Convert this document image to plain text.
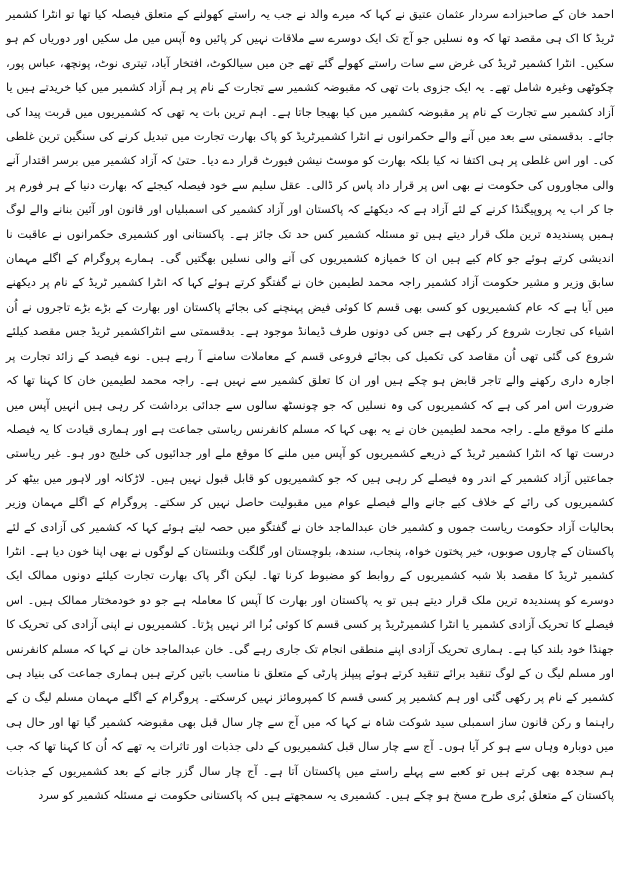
احمد خان کے صاحبزادے سردار عثمان عتیق نے کہا کہ میرے والد نے جب یہ راستے کھولنے کے متعلق فیصلہ کیا تھا تو انٹرا کشمیر ٹریڈ کا اک ہی مقصد تھا کہ وہ نسلیں جو آج تک ایک دوسرے سے ملاقات نہیں کر پائیں وہ آپس میں مل سکیں اور دوریاں کم ہو سکیں۔ انٹرا کشمیر ٹریڈ کی غرض سے سات راستے کھولے گئے تھے جن میں سیالکوٹ، افتخار آباد، تیتری نوٹ، پونچھ، عباس پور، چکوٹھی وغیرہ شامل تھے۔ یہ ایک جزوی بات تھی کہ مقبوضہ کشمیر سے تجارت کے نام پر ہم آزاد کشمیر میں کیا خریدتے ہیں یا آزاد کشمیر سے تجارت کے نام پر مقبوضہ کشمیر میں کیا بھیجا جاتا ہے۔ اہم ترین بات یہ تھی کہ کشمیریوں میں قربت پیدا کی جائے۔ بدقسمتی سے بعد میں آنے والے حکمرانوں نے انٹرا کشمیرٹریڈ کو پاک بھارت تجارت میں تبدیل کرنے کی سنگین ترین غلطی کی۔ اور اس غلطی پر ہی اکتفا نہ کیا بلکہ بھارت کو موسٹ نیشن فیورٹ قرار دے دیا۔ حتیٰ کہ آزاد کشمیر میں برسر اقتدار آنے والی مجاوروں کی حکومت نے بھی اس پر قرار داد پاس کر ڈالی۔ عقل سلیم سے خود فیصلہ کیجئے کہ بھارت دنیا کے ہر فورم پر جا کر اب یہ پروپیگنڈا کرنے کے لئے آزاد ہے کہ دیکھئے کہ پاکستان اور آزاد کشمیر کی اسمبلیاں اور قانون اور آئین بنانے والے لوگ ہمیں پسندیدہ ترین ملک قرار دیتے ہیں تو مسئلہ کشمیر کس حد تک جائز ہے۔ پاکستانی اور کشمیری حکمرانوں نے عاقبت نا اندیشی کرتے ہوئے جو کام کیے ہیں ان کا خمیازہ کشمیریوں کی آنے والی نسلیں بھگتیں گی۔ ہمارے پروگرام کے اگلے مہمان سابق وزیر و مشیر حکومت آزاد کشمیر راجہ محمد لطیمین خان نے گفتگو کرتے ہوئے کہا کہ انٹرا کشمیر ٹریڈ کے نام پر دیکھنے میں آیا ہے کہ عام کشمیریوں کو کسی بھی قسم کا کوئی فیض پہنچنے کی بجائے پاکستان اور بھارت کے بڑے بڑے تاجروں نے اُن اشیاء کی تجارت شروع کر رکھی ہے جس کی دونوں طرف ڈیمانڈ موجود ہے۔ بدقسمتی سے انٹراکشمیر ٹریڈ جس مقصد کیلئے شروع کی گئی تھی اُن مقاصد کی تکمیل کی بجائے فروعی قسم کے معاملات سامنے آ رہے ہیں۔ نوے فیصد کے زائد تجارت پر اجارہ داری رکھنے والے تاجر قابض ہو چکے ہیں اور ان کا تعلق کشمیر سے نہیں ہے۔ راجہ محمد لطیمین خان کا کہنا تھا کہ ضرورت اس امر کی ہے کہ کشمیریوں کی وہ نسلیں کہ جو چونسٹھ سالوں سے جدائی برداشت کر رہی ہیں انہیں آپس میں ملنے کا موقع ملے۔ راجہ محمد لطیمین خان نے یہ بھی کہا کہ مسلم کانفرنس ریاستی جماعت ہے اور ہماری قیادت کا یہ فیصلہ درست تھا کہ انٹرا کشمیر ٹریڈ کے ذریعے کشمیریوں کو آپس میں ملنے کا موقع ملے اور جدائیوں کی خلیج دور ہو۔ غیر ریاستی جماعتیں آزاد کشمیر کے اندر وہ فیصلے کر رہی ہیں کہ جو کشمیریوں کو قابل قبول نہیں ہیں۔ لاڑکانہ اور لاہور میں بیٹھ کر کشمیریوں کی رائے کے خلاف کیے جانے والے فیصلے عوام میں مقبولیت حاصل نہیں کر سکتے۔ پروگرام کے اگلے مہمان وزیر بحالیات آزاد حکومت ریاست جموں و کشمیر خان عبدالماجد خان نے گفتگو میں حصہ لیتے ہوئے کہا کہ کشمیر کی آزادی کے لئے پاکستان کے چاروں صوبوں، خیر پختون خواہ، پنجاب، سندھ، بلوچستان اور گلگت وبلتستان کے لوگوں نے بھی اپنا خون دیا ہے۔ انٹرا کشمیر ٹریڈ کا مقصد بلا شبہ کشمیریوں کے روابط کو مضبوط کرنا تھا۔ لیکن اگر پاک بھارت تجارت کیلئے دونوں ممالک ایک دوسرے کو پسندیدہ ترین ملک قرار دیتے ہیں تو یہ پاکستان اور بھارت کا آپس کا معاملہ ہے جو دو خودمختار ممالک ہیں۔ اس فیصلے کا تحریک آزادی کشمیر یا انٹرا کشمیرٹریڈ پر کسی قسم کا کوئی بُرا اثر نہیں پڑتا۔ کشمیریوں نے اپنی آزادی کی تحریک کا جھنڈا خود بلند کیا ہے۔ ہماری تحریک آزادی اپنے منطقی انجام تک جاری رہے گی۔ خان عبدالماجد خان نے کہا کہ مسلم کانفرنس اور مسلم لیگ ن کے لوگ تنقید برائے تنقید کرتے ہوئے پیپلز پارٹی کے متعلق نا مناسب باتیں کرتے ہیں ہماری جماعت کی بنیاد ہی کشمیر کے نام پر رکھی گئی اور ہم کشمیر پر کسی قسم کا کمپرومائز نہیں کرسکتے۔ پروگرام کے اگلے مہمان مسلم لیگ ن کے راہنما و رکن قانون ساز اسمبلی سید شوکت شاہ نے کہا کہ میں آج سے چار سال قبل بھی مقبوضہ کشمیر گیا تھا اور حال ہی میں دوبارہ وہاں سے ہو کر آیا ہوں۔ آج سے چار سال قبل کشمیریوں کے دلی جذبات اور تاثرات یہ تھے کہ اُن کا کہنا تھا کہ جب ہم سجدہ بھی کرتے ہیں تو کعبے سے پہلے راستے میں پاکستان آتا ہے۔ آج چار سال گزر جانے کے بعد کشمیریوں کے جذبات پاکستان کے متعلق بُری طرح مسخ ہو چکے ہیں۔ کشمیری یہ سمجھتے ہیں کہ پاکستانی حکومت نے مسئلہ کشمیر کو سرد
